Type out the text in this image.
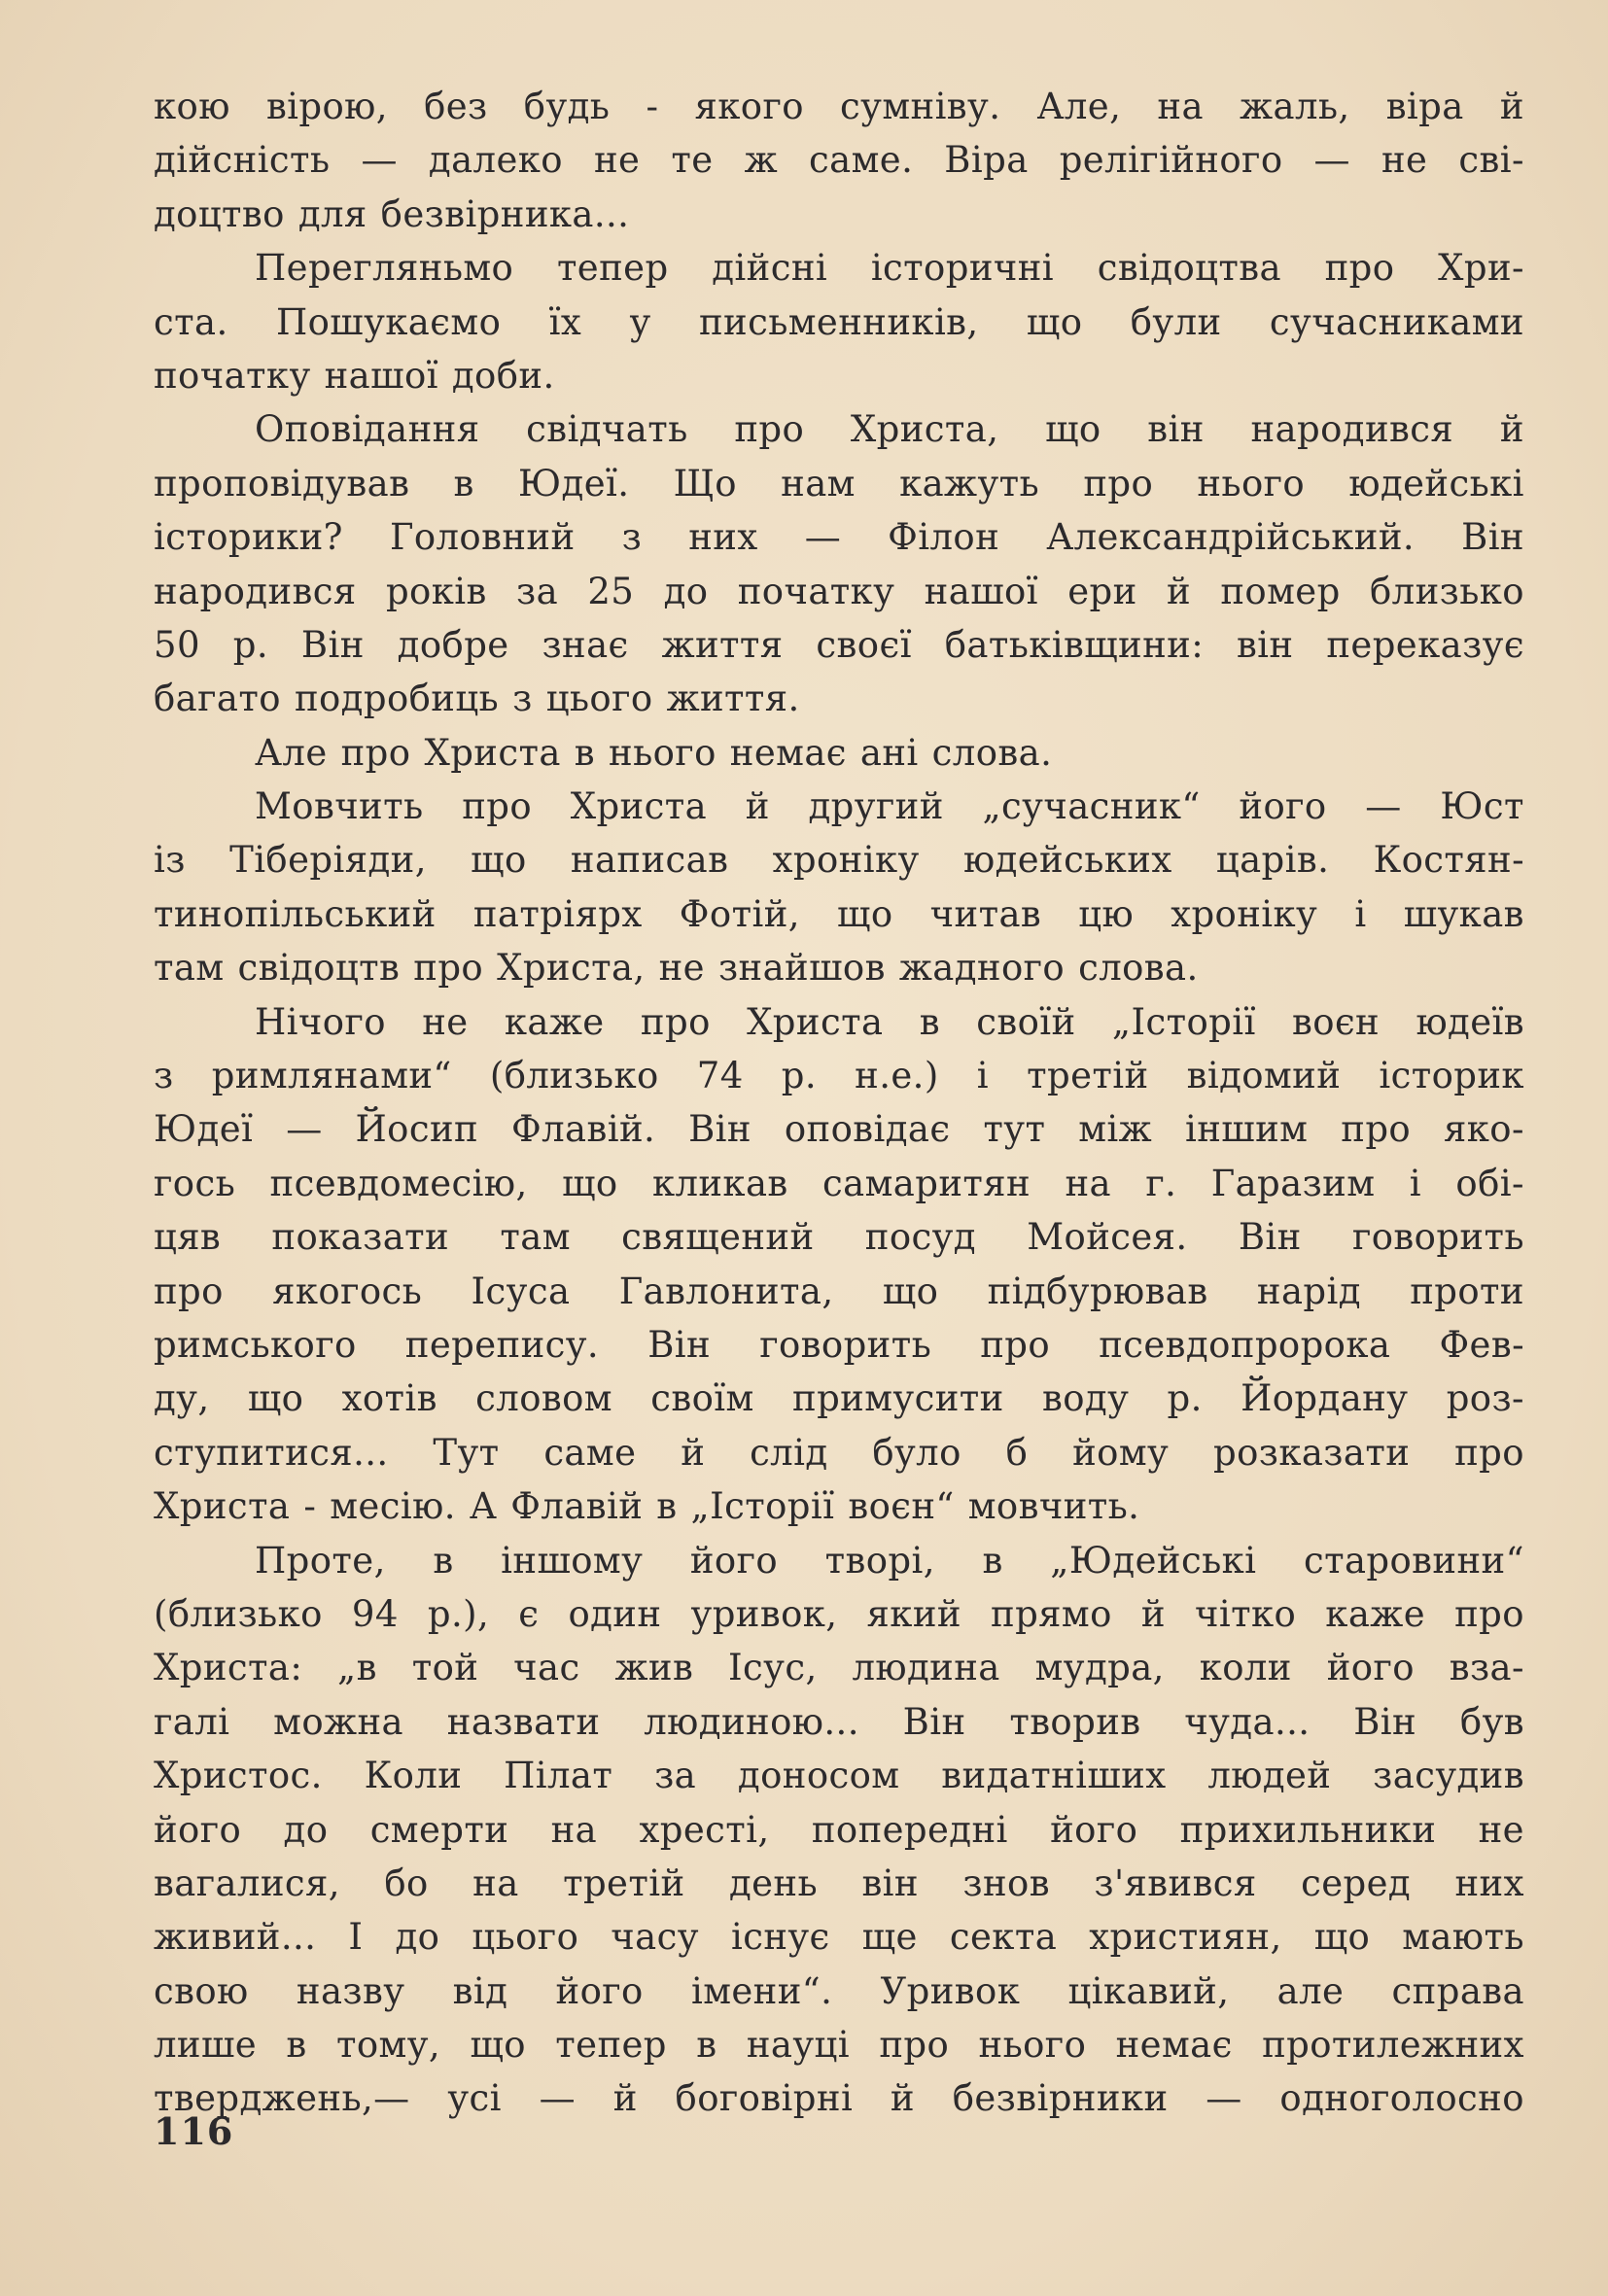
кою вірою, без будь - якого сумніву. Але, на жаль, віра й
дійсність — далеко не те ж саме. Віра релігійного — не сві-
доцтво для безвірника...
Перегляньмо тепер дійсні історичні свідоцтва про Хри-
ста. Пошукаємо їх у письменників, що були сучасниками
початку нашої доби.
Оповідання свідчать про Христа, що він народився й
проповідував в Юдеї. Що нам кажуть про нього юдейські
історики? Головний з них — Філон Александрійський. Він
народився років за 25 до початку нашої ери й помер близько
50 р. Він добре знає життя своєї батьківщини: він переказує
багато подробиць з цього життя.
Але про Христа в нього немає ані слова.
Мовчить про Христа й другий „сучасник“ його — Юст
із Тіберіяди, що написав хроніку юдейських царів. Костян-
тинопільський патріярх Фотій, що читав цю хроніку і шукав
там свідоцтв про Христа, не знайшов жадного слова.
Нічого не каже про Христа в своїй „Історії воєн юдеїв
з римлянами“ (близько 74 р. н.е.) і третій відомий історик
Юдеї — Йосип Флавій. Він оповідає тут між іншим про яко-
гось псевдомесію, що кликав самаритян на г. Гаразим і обі-
цяв показати там священий посуд Мойсея. Він говорить
про якогось Ісуса Гавлонита, що підбурював нарід проти
римського перепису. Він говорить про псевдопророка Фев-
ду, що хотів словом своїм примусити воду р. Йордану роз-
ступитися... Тут саме й слід було б йому розказати про
Христа - месію. А Флавій в „Історії воєн“ мовчить.
Проте, в іншому його творі, в „Юдейські старовини“
(близько 94 р.), є один уривок, який прямо й чітко каже про
Христа: „в той час жив Ісус, людина мудра, коли його вза-
галі можна назвати людиною... Він творив чуда... Він був
Христос. Коли Пілат за доносом видатніших людей засудив
його до смерти на хресті, попередні його прихильники не
вагалися, бо на третій день він знов з'явився серед них
живий... І до цього часу існує ще секта християн, що мають
свою назву від його імени“. Уривок цікавий, але справа
лише в тому, що тепер в науці про нього немає протилежних
тверджень,— усі — й боговірні й безвірники — одноголосно
116
